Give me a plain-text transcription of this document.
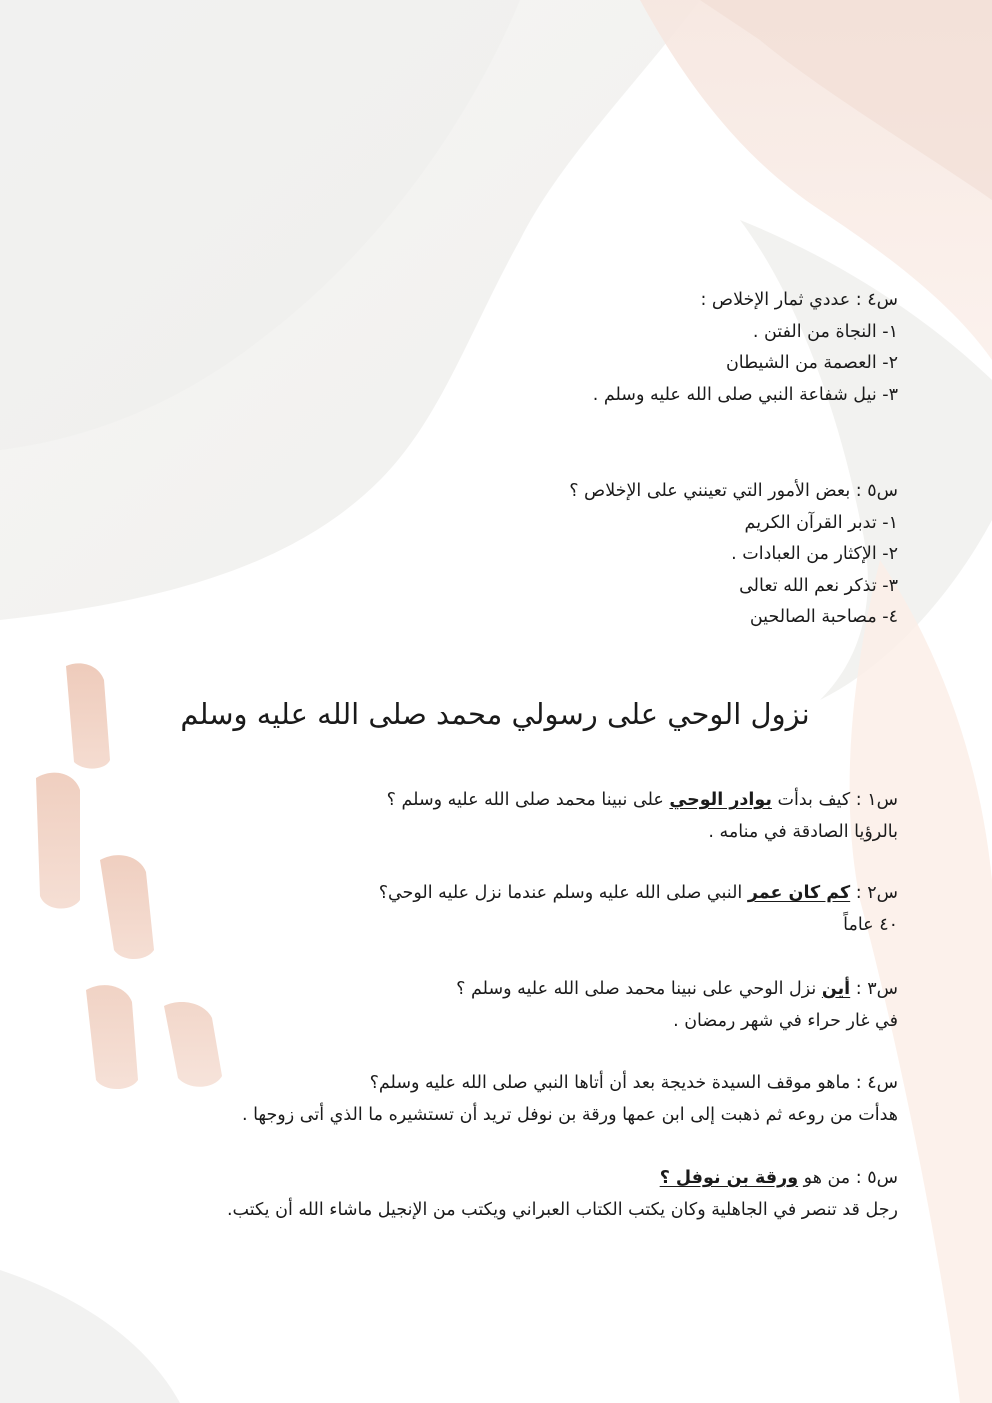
س٤ : عددي ثمار الإخلاص :
١- النجاة من الفتن .
٢- العصمة من الشيطان
٣- نيل شفاعة النبي صلى الله عليه وسلم .
س٥ : بعض الأمور التي تعينني على الإخلاص ؟
١- تدبر القرآن الكريم
٢- الإكثار من العبادات .
٣- تذكر نعم الله تعالى
٤- مصاحبة الصالحين
نزول الوحي على رسولي محمد صلى الله عليه وسلم
س١ : كيف بدأت بوادر الوحي على نبينا محمد صلى الله عليه وسلم ؟
بالرؤيا الصادقة في منامه .
س٢ : كم كان عمر النبي صلى الله عليه وسلم عندما نزل عليه الوحي؟
٤٠ عاماً
س٣ : أين نزل الوحي على نبينا محمد صلى الله عليه وسلم ؟
في غار حراء في شهر رمضان .
س٤ : ماهو موقف السيدة خديجة بعد أن أتاها النبي صلى الله عليه وسلم؟
هدأت من روعه ثم ذهبت إلى ابن عمها ورقة بن نوفل تريد أن تستشيره ما الذي أتى زوجها .
س٥ : من هو ورقة بن نوفل ؟
رجل قد تنصر في الجاهلية وكان يكتب الكتاب العبراني ويكتب من الإنجيل ماشاء الله أن يكتب.
